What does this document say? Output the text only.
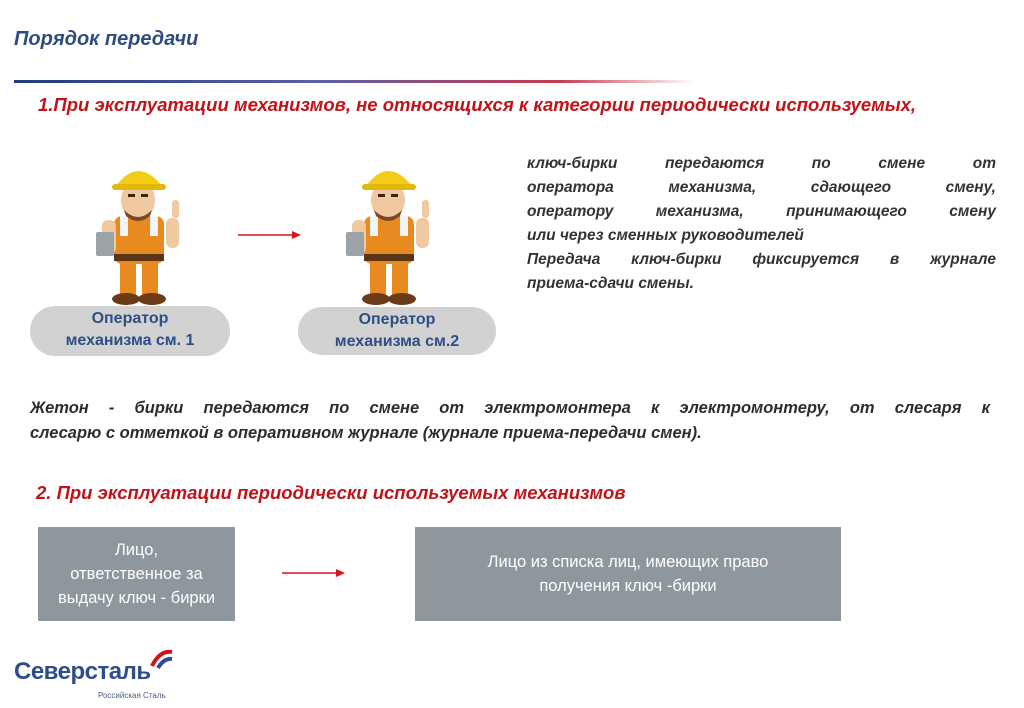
Порядок передачи
1.При эксплуатации механизмов, не относящихся к категории периодически используемых,
Оператор
механизма см. 1
Оператор
механизма см.2

ключ-бирки передаются по смене от

оператора механизма, сдающего смену,

оператору механизма, принимающего смену

или через сменных руководителей

Передача ключ-бирки фиксируется в журнале

приема-сдачи смены.

Жетон - бирки передаются по смене от электромонтера к электромонтеру, от слесаря к

слесарю с отметкой в оперативном журнале (журнале приема-передачи смен).

2. При эксплуатации периодически используемых механизмов
Лицо,
ответственное за
выдачу ключ - бирки
Лицо из списка лиц, имеющих право
получения ключ -бирки
Северсталь
Российская Сталь
